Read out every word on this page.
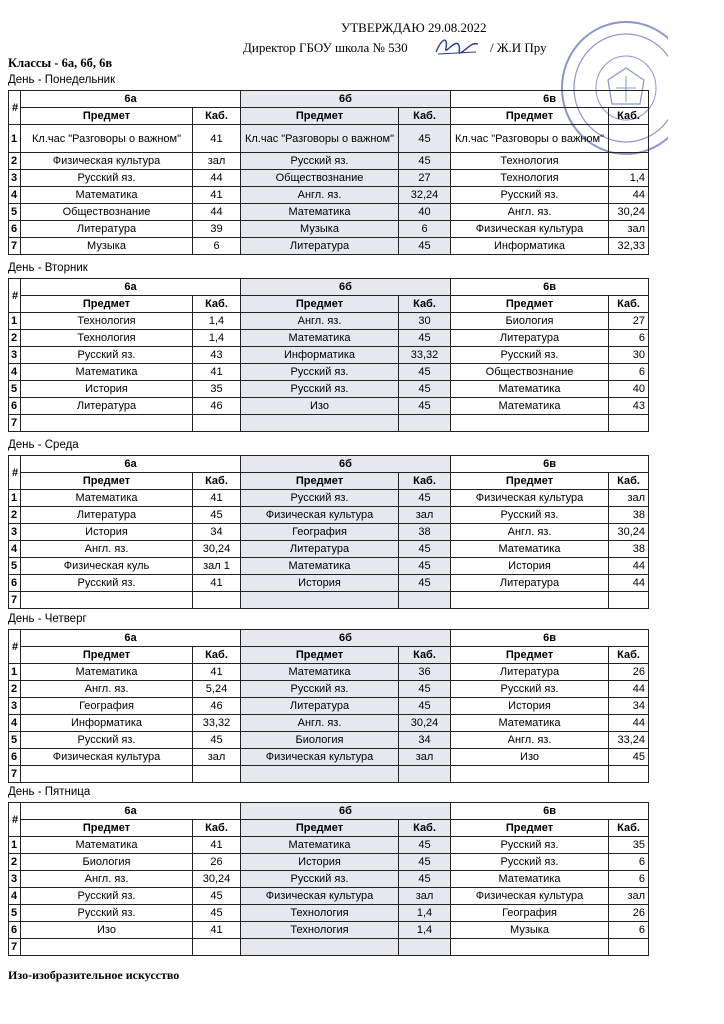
УТВЕРЖДАЮ 29.08.2022
Директор ГБОУ школа № 530	/ Ж.И Пру
Классы - 6а, 6б, 6в
День - Понедельник
#	6а		6б		6в	
	Предмет	Каб.	Предмет	Каб.	Предмет	Каб.
1	Кл.час "Разговоры о важном"	41	Кл.час "Разговоры о важном"	45	Кл.час "Разговоры о важном"	
2	Физическая культура	зал	Русский яз.	45	Технология	
3	Русский яз.	44	Обществознание	27	Технология	1,4
4	Математика	41	Англ. яз.	32,24	Русский яз.	44
5	Обществознание	44	Математика	40	Англ. яз.	30,24
6	Литература	39	Музыка	6	Физическая культура	зал
7	Музыка	6	Литература	45	Информатика	32,33
День - Вторник
#	6а		6б		6в	
	Предмет	Каб.	Предмет	Каб.	Предмет	Каб.
1	Технология	1,4	Англ. яз.	30	Биология	27
2	Технология	1,4	Математика	45	Литература	6
3	Русский яз.	43	Информатика	33,32	Русский яз.	30
4	Математика	41	Русский яз.	45	Обществознание	6
5	История	35	Русский яз.	45	Математика	40
6	Литература	46	Изо	45	Математика	43
7						
День - Среда
#	6а		6б		6в	
	Предмет	Каб.	Предмет	Каб.	Предмет	Каб.
1	Математика	41	Русский яз.	45	Физическая культура	зал
2	Литература	45	Физическая культура	зал	Русский яз.	38
3	История	34	География	38	Англ. яз.	30,24
4	Англ. яз.	30,24	Литература	45	Математика	38
5	Физическая куль	зал 1	Математика	45	История	44
6	Русский яз.	41	История	45	Литература	44
7						
День - Четверг
#	6а		6б		6в	
	Предмет	Каб.	Предмет	Каб.	Предмет	Каб.
1	Математика	41	Математика	36	Литература	26
2	Англ. яз.	5,24	Русский яз.	45	Русский яз.	44
3	География	46	Литература	45	История	34
4	Информатика	33,32	Англ. яз.	30,24	Математика	44
5	Русский яз.	45	Биология	34	Англ. яз.	33,24
6	Физическая культура	зал	Физическая культура	зал	Изо	45
7						
День - Пятница
#	6а		6б		6в	
	Предмет	Каб.	Предмет	Каб.	Предмет	Каб.
1	Математика	41	Математика	45	Русский яз.	35
2	Биология	26	История	45	Русский яз.	6
3	Англ. яз.	30,24	Русский яз.	45	Математика	6
4	Русский яз.	45	Физическая культура	зал	Физическая культура	зал
5	Русский яз.	45	Технология	1,4	География	26
6	Изо	41	Технология	1,4	Музыка	6
7						
Изо-изобразительное искусство
